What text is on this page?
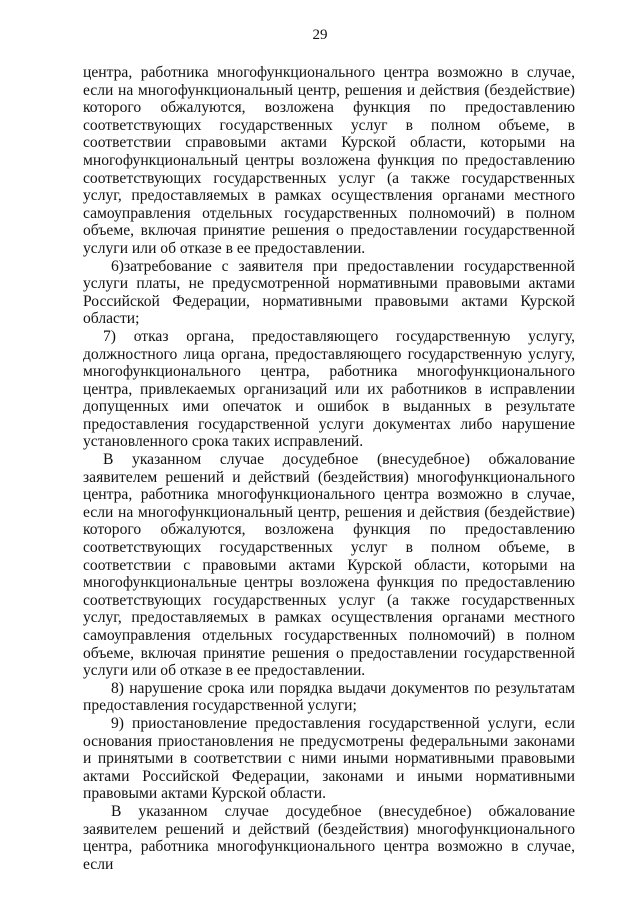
29

центра, работника многофункционального центра возможно в случае, если на многофункциональный центр, решения и действия (бездействие) которого обжалуются, возложена функция по предоставлению соответствующих государственных услуг в полном объеме, в соответствии справовыми актами Курской области, которыми на многофункциональный центры возложена функция по предоставлению соответствующих государственных услуг (а также государственных услуг, предоставляемых в рамках осуществления органами местного самоуправления отдельных государственных полномочий) в полном объеме, включая принятие решения о предоставлении государственной услуги или об отказе в ее предоставлении.

6)затребование с заявителя при предоставлении государственной услуги платы, не предусмотренной нормативными правовыми актами Российской Федерации, нормативными правовыми актами Курской области;

7) отказ органа, предоставляющего государственную услугу, должностного лица органа, предоставляющего государственную услугу, многофункционального центра, работника многофункционального центра, привлекаемых организаций или их работников в исправлении допущенных ими опечаток и ошибок в выданных в результате предоставления государственной услуги документах либо нарушение установленного срока таких исправлений.

В указанном случае досудебное (внесудебное) обжалование заявителем решений и действий (бездействия) многофункционального центра, работника многофункционального центра возможно в случае, если на многофункциональный центр, решения и действия (бездействие) которого обжалуются, возложена функция по предоставлению соответствующих государственных услуг в полном объеме, в соответствии с правовыми актами Курской области, которыми на многофункциональные центры возложена функция по предоставлению соответствующих государственных услуг (а также государственных услуг, предоставляемых в рамках осуществления органами местного самоуправления отдельных государственных полномочий) в полном объеме, включая принятие решения о предоставлении государственной услуги или об отказе в ее предоставлении.

8) нарушение срока или порядка выдачи документов по результатам предоставления государственной услуги;

9) приостановление предоставления государственной услуги, если основания приостановления не предусмотрены федеральными законами и принятыми в соответствии с ними иными нормативными правовыми актами Российской Федерации, законами и иными нормативными правовыми актами Курской области.

В указанном случае досудебное (внесудебное) обжалование заявителем решений и действий (бездействия) многофункционального центра, работника многофункционального центра возможно в случае, если
